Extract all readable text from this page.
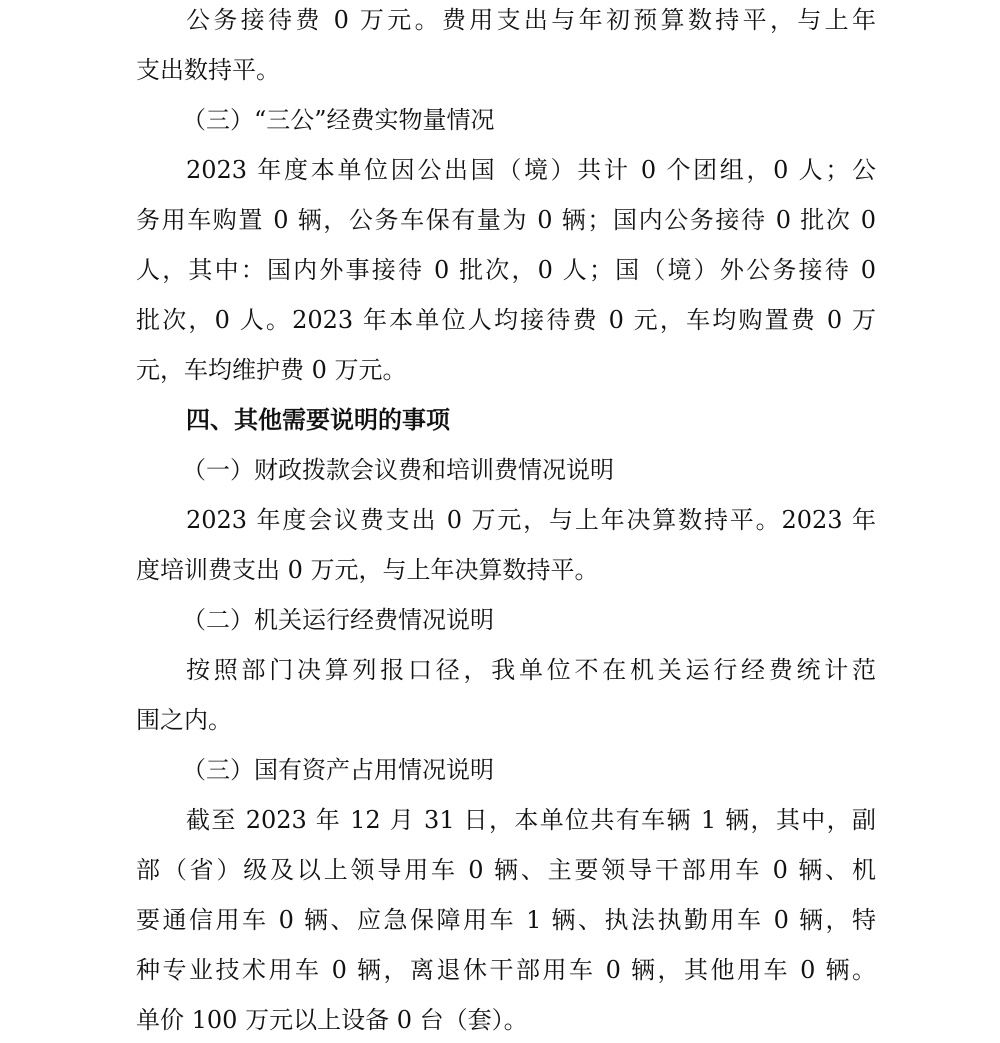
公务接待费 0 万元。费用支出与年初预算数持平，与上年
支出数持平。
（三）“三公”经费实物量情况
2023 年度本单位因公出国（境）共计 0 个团组，0 人；公
务用车购置 0 辆，公务车保有量为 0 辆；国内公务接待 0 批次 0
人，其中：国内外事接待 0 批次，0 人；国（境）外公务接待 0
批次，0 人。2023 年本单位人均接待费 0 元，车均购置费 0 万
元，车均维护费 0 万元。
四、其他需要说明的事项
（一）财政拨款会议费和培训费情况说明
2023 年度会议费支出 0 万元，与上年决算数持平。2023 年
度培训费支出 0 万元，与上年决算数持平。
（二）机关运行经费情况说明
按照部门决算列报口径，我单位不在机关运行经费统计范
围之内。
（三）国有资产占用情况说明
截至 2023 年 12 月 31 日，本单位共有车辆 1 辆，其中，副
部（省）级及以上领导用车 0 辆、主要领导干部用车 0 辆、机
要通信用车 0 辆、应急保障用车 1 辆、执法执勤用车 0 辆，特
种专业技术用车 0 辆，离退休干部用车 0 辆，其他用车 0 辆。
单价 100 万元以上设备 0 台（套）。
